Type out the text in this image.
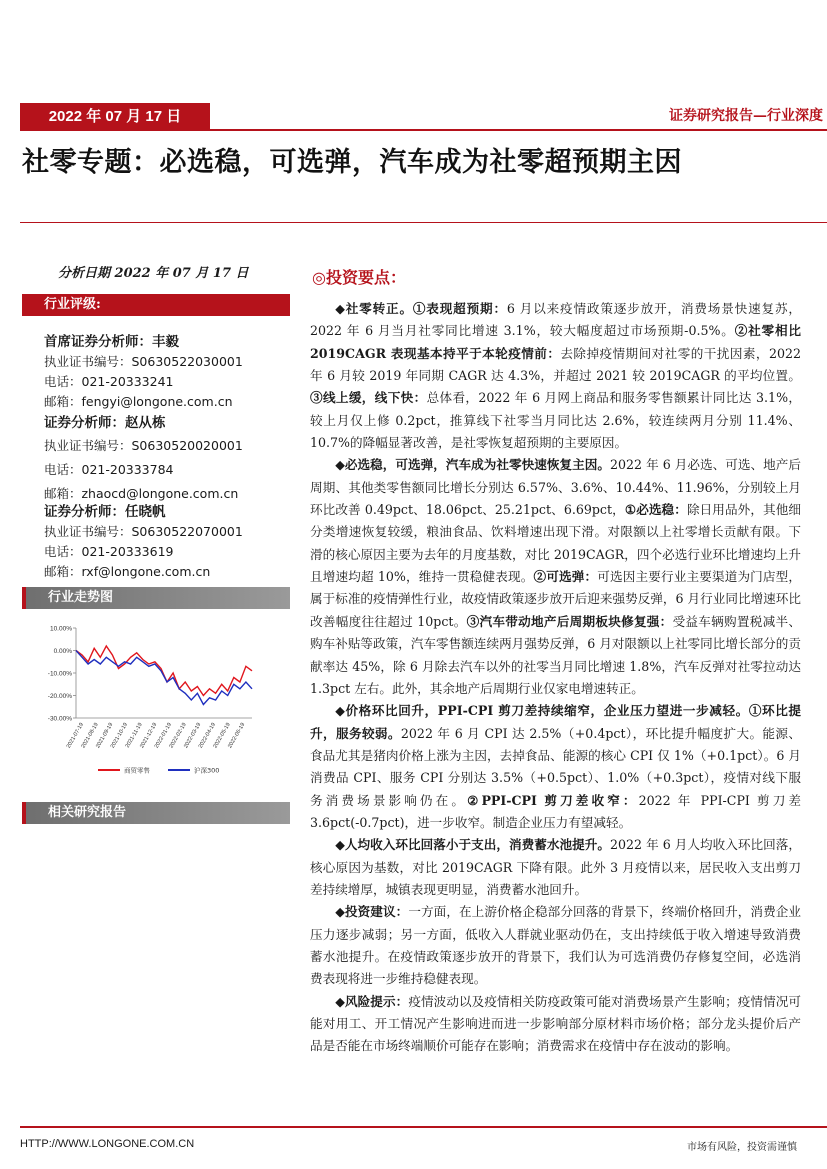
2022 年 07 月 17 日	证券研究报告—行业深度
社零专题：必选稳，可选弹，汽车成为社零超预期主因
分析日期 2022 年 07 月 17 日
行业评级:
首席证券分析师：丰毅
执业证书编号：S0630522030001
电话：021-20333241
邮箱：fengyi@longone.com.cn
证券分析师：赵从栋
执业证书编号：S0630520020001
电话：021-20333784
邮箱：zhaocd@longone.com.cn
证券分析师：任晓帆
执业证书编号：S0630522070001
电话：021-20333619
邮箱：rxf@longone.com.cn
行业走势图
10.00%
0.00%
-10.00%
-20.00%
-30.00%
2021-07-19
2021-08-19
2021-09-19
2021-10-19
2021-11-19
2021-12-19
2022-01-19
2022-02-19
2022-03-19
2022-04-19
2022-05-19
2022-06-19
商贸零售	沪深300
相关研究报告
◎投资要点：

◆社零转正。①表现超预期：6 月以来疫情政策逐步放开，消费场景快速复苏，2022 年 6 月当月社零同比增速 3.1%，较大幅度超过市场预期-0.5%。②社零相比 2019CAGR 表现基本持平于本轮疫情前：去除掉疫情期间对社零的干扰因素，2022 年 6 月较 2019 年同期 CAGR 达 4.3%，并超过 2021 较 2019CAGR 的平均位置。③线上缓，线下快：总体看，2022 年 6 月网上商品和服务零售额累计同比达 3.1%，较上月仅上修 0.2pct，推算线下社零当月同比达 2.6%，较连续两月分别 11.4%、10.7%的降幅显著改善，是社零恢复超预期的主要原因。

◆必选稳，可选弹，汽车成为社零快速恢复主因。2022 年 6 月必选、可选、地产后周期、其他类零售额同比增长分别达 6.57%、3.6%、10.44%、11.96%，分别较上月环比改善 0.49pct、18.06pct、25.21pct、6.69pct，①必选稳：除日用品外，其他细分类增速恢复较缓，粮油食品、饮料增速出现下滑。对限额以上社零增长贡献有限。下滑的核心原因主要为去年的月度基数，对比 2019CAGR，四个必选行业环比增速均上升且增速均超 10%，维持一贯稳健表现。②可选弹：可选因主要行业主要渠道为门店型，属于标准的疫情弹性行业，故疫情政策逐步放开后迎来强势反弹，6 月行业同比增速环比改善幅度往往超过 10pct。③汽车带动地产后周期板块修复强：受益车辆购置税减半、购车补贴等政策，汽车零售额连续两月强势反弹，6 月对限额以上社零同比增长部分的贡献率达 45%，除 6 月除去汽车以外的社零当月同比增速 1.8%，汽车反弹对社零拉动达 1.3pct 左右。此外，其余地产后周期行业仅家电增速转正。

◆价格环比回升，PPI-CPI 剪刀差持续缩窄，企业压力望进一步减轻。①环比提升，服务较弱。2022 年 6 月 CPI 达 2.5%（+0.4pct），环比提升幅度扩大。能源、食品尤其是猪肉价格上涨为主因，去掉食品、能源的核心 CPI 仅 1%（+0.1pct）。6 月消费品 CPI、服务 CPI 分别达 3.5%（+0.5pct）、1.0%（+0.3pct），疫情对线下服务消费场景影响仍在。②PPI-CPI 剪刀差收窄：2022 年 PPI-CPI 剪刀差 3.6pct(-0.7pct)，进一步收窄。制造企业压力有望减轻。

◆人均收入环比回落小于支出，消费蓄水池提升。2022 年 6 月人均收入环比回落，核心原因为基数，对比 2019CAGR 下降有限。此外 3 月疫情以来，居民收入支出剪刀差持续增厚，城镇表现更明显，消费蓄水池回升。

◆投资建议：一方面，在上游价格企稳部分回落的背景下，终端价格回升，消费企业压力逐步减弱；另一方面，低收入人群就业驱动仍在，支出持续低于收入增速导致消费蓄水池提升。在疫情政策逐步放开的背景下，我们认为可选消费仍存修复空间，必选消费表现将进一步维持稳健表现。

◆风险提示：疫情波动以及疫情相关防疫政策可能对消费场景产生影响；疫情情况可能对用工、开工情况产生影响进而进一步影响部分原材料市场价格；部分龙头提价后产品是否能在市场终端顺价可能存在影响；消费需求在疫情中存在波动的影响。

HTTP://WWW.LONGONE.COM.CN	市场有风险，投资需谨慎
